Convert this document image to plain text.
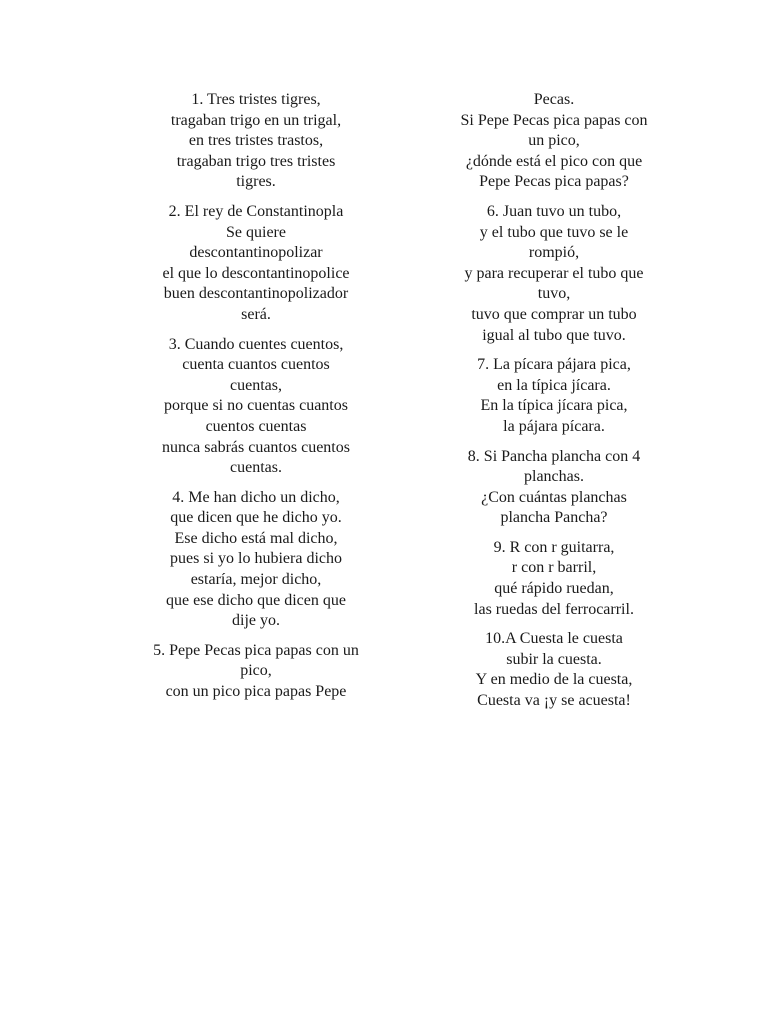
1. Tres tristes tigres,
tragaban trigo en un trigal,
en tres tristes trastos,
tragaban trigo tres tristes
tigres.
2. El rey de Constantinopla
Se quiere
descontantinopolizar
el que lo descontantinopolice
buen descontantinopolizador
será.
3. Cuando cuentes cuentos,
cuenta cuantos cuentos
cuentas,
porque si no cuentas cuantos
cuentos cuentas
nunca sabrás cuantos cuentos
cuentas.
4. Me han dicho un dicho,
que dicen que he dicho yo.
Ese dicho está mal dicho,
pues si yo lo hubiera dicho
estaría, mejor dicho,
que ese dicho que dicen que
dije yo.
5. Pepe Pecas pica papas con un
pico,
con un pico pica papas Pepe
Pecas.
Si Pepe Pecas pica papas con
un pico,
¿dónde está el pico con que
Pepe Pecas pica papas?
6. Juan tuvo un tubo,
y el tubo que tuvo se le
rompió,
y para recuperar el tubo que
tuvo,
tuvo que comprar un tubo
igual al tubo que tuvo.
7. La pícara pájara pica,
en la típica jícara.
En la típica jícara pica,
la pájara pícara.
8. Si Pancha plancha con 4
planchas.
¿Con cuántas planchas
plancha Pancha?
9. R con r guitarra,
r con r barril,
qué rápido ruedan,
las ruedas del ferrocarril.
10.A Cuesta le cuesta
subir la cuesta.
Y en medio de la cuesta,
Cuesta va ¡y se acuesta!
